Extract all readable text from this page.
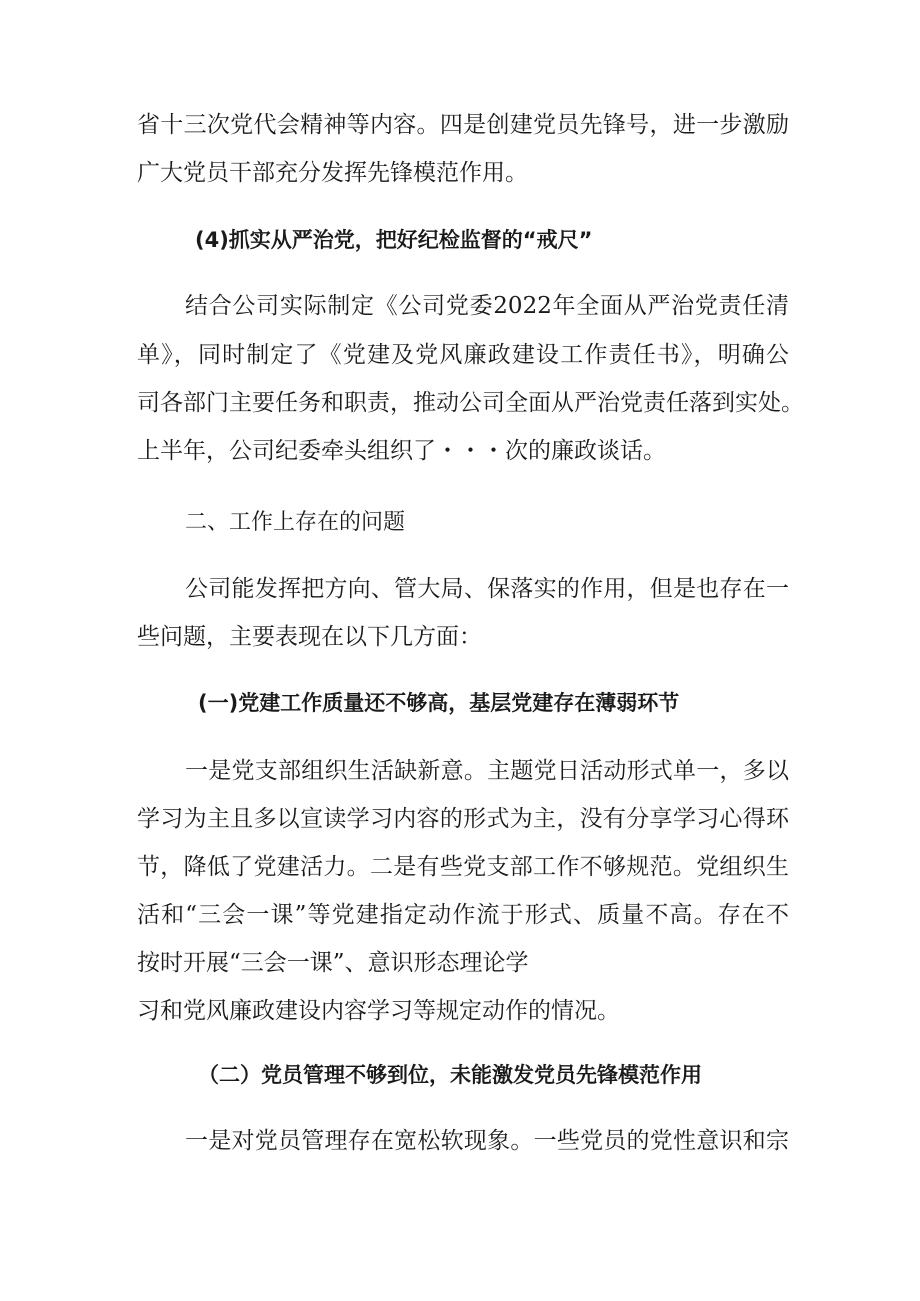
省十三次党代会精神等内容。四是创建党员先锋号，进一步激励
广大党员干部充分发挥先锋模范作用。
(4)抓实从严治党，把好纪检监督的“戒尺”
结合公司实际制定《公司党委2022年全面从严治党责任清
单》，同时制定了《党建及党风廉政建设工作责任书》，明确公
司各部门主要任务和职责，推动公司全面从严治党责任落到实处。
上半年，公司纪委牵头组织了・・・次的廉政谈话。
二、工作上存在的问题
公司能发挥把方向、管大局、保落实的作用，但是也存在一
些问题，主要表现在以下几方面：
(一)党建工作质量还不够高，基层党建存在薄弱环节
一是党支部组织生活缺新意。主题党日活动形式单一，多以
学习为主且多以宣读学习内容的形式为主，没有分享学习心得环
节，降低了党建活力。二是有些党支部工作不够规范。党组织生
活和“三会一课”等党建指定动作流于形式、质量不高。存在不
按时开展“三会一课”、意识形态理论学
习和党风廉政建设内容学习等规定动作的情况。
（二）党员管理不够到位，未能激发党员先锋模范作用
一是对党员管理存在宽松软现象。一些党员的党性意识和宗
